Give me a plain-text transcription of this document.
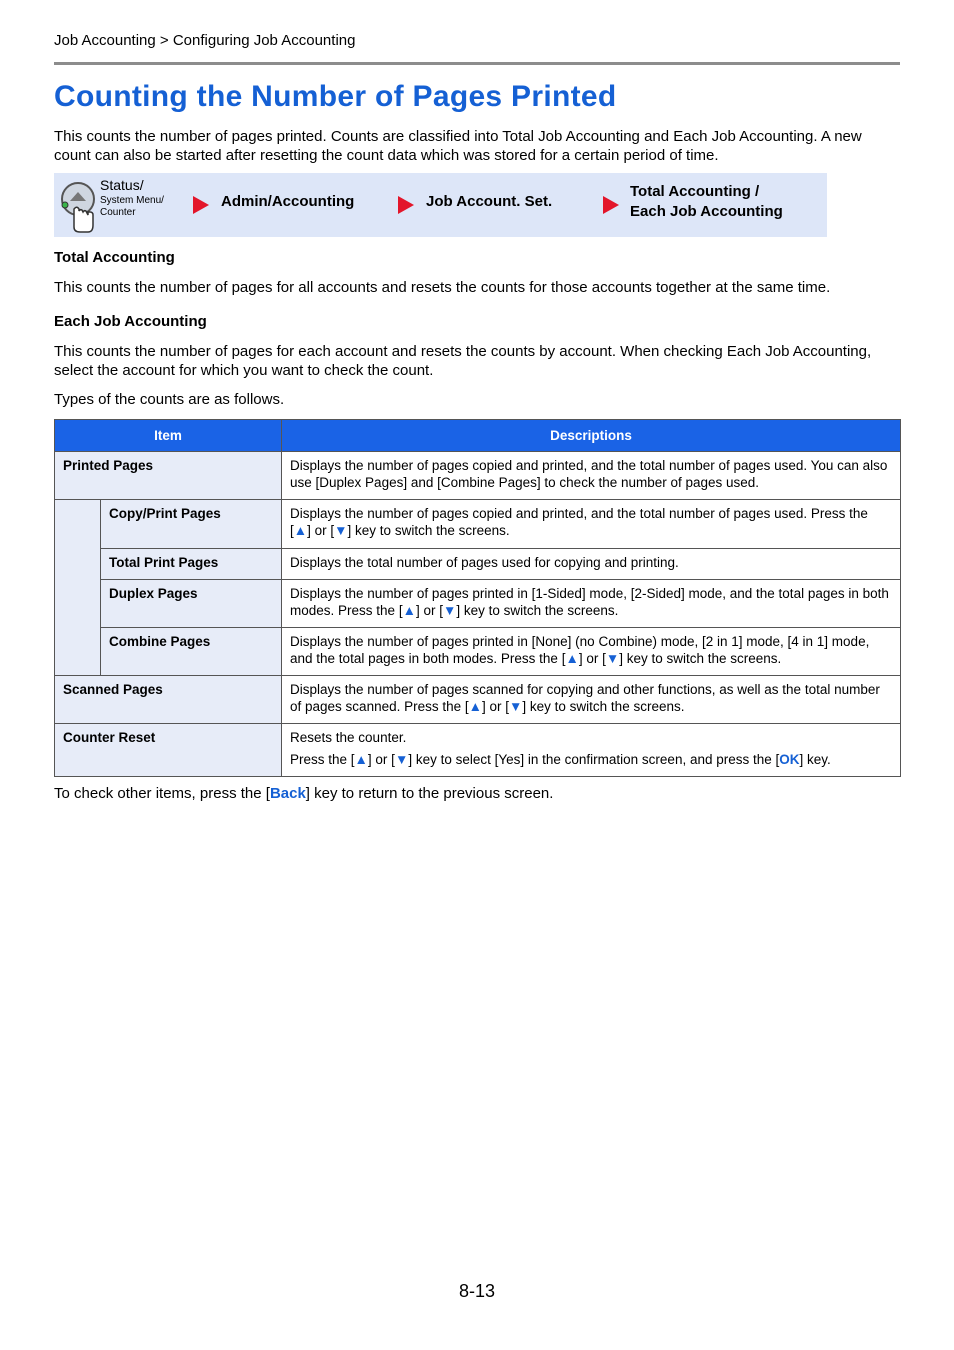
Job Accounting > Configuring Job Accounting
Counting the Number of Pages Printed

This counts the number of pages printed. Counts are classified into Total Job Accounting and Each Job Accounting. A new count can also be started after resetting the count data which was stored for a certain period of time.

Status/
System Menu/
Counter
Admin/Accounting	Job Account. Set.
Total Accounting /
Each Job Accounting
Total Accounting

This counts the number of pages for all accounts and resets the counts for those accounts together at the same time.

Each Job Accounting

This counts the number of pages for each account and resets the counts by account. When checking Each Job Accounting, select the account for which you want to check the count.

Types of the counts are as follows.

Item		Descriptions
Printed Pages		Displays the number of pages copied and printed, and the total number of pages used. You can also use [Duplex Pages] and [Combine Pages] to check the number of pages used.
	Copy/Print Pages	Displays the number of pages copied and printed, and the total number of pages used. Press the [▲] or [▼] key to switch the screens.
	Total Print Pages	Displays the total number of pages used for copying and printing.
	Duplex Pages	Displays the number of pages printed in [1-Sided] mode, [2-Sided] mode, and the total pages in both modes. Press the [▲] or [▼] key to switch the screens.
	Combine Pages	Displays the number of pages printed in [None] (no Combine) mode, [2 in 1] mode, [4 in 1] mode, and the total pages in both modes. Press the [▲] or [▼] key to switch the screens.
Scanned Pages		Displays the number of pages scanned for copying and other functions, as well as the total number of pages scanned. Press the [▲] or [▼] key to switch the screens.
Counter Reset		Resets the counter.
Press the [▲] or [▼] key to select [Yes] in the confirmation screen, and press the [OK] key.

To check other items, press the [Back] key to return to the previous screen.

8-13
